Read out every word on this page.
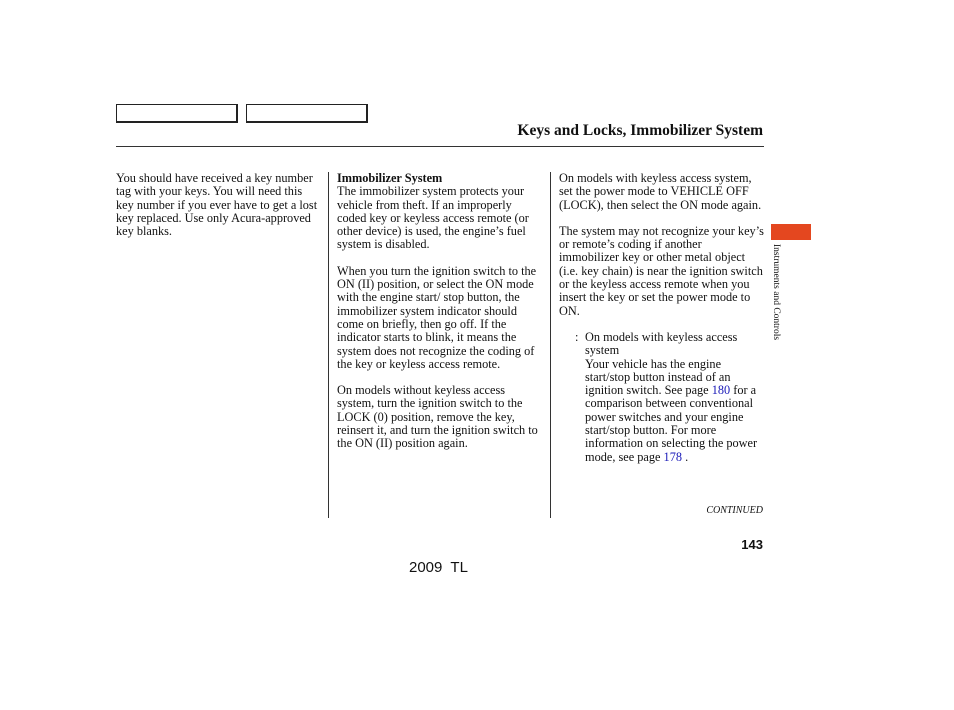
Keys and Locks, Immobilizer System

You should have received a key number tag with your keys. You will need this key number if you ever have to get a lost key replaced. Use only Acura-approved key blanks.

Immobilizer System

The immobilizer system protects your vehicle from theft. If an improperly coded key or keyless access remote (or other device) is used, the engine’s fuel system is disabled.

When you turn the ignition switch to the ON (II) position, or select the ON mode with the engine start/ stop button, the immobilizer system indicator should come on briefly, then go off. If the indicator starts to blink, it means the system does not recognize the coding of the key or keyless access remote.

On models without keyless access system, turn the ignition switch to the LOCK (0) position, remove the key, reinsert it, and turn the ignition switch to the ON (II) position again.

On models with keyless access system, set the power mode to VEHICLE OFF (LOCK), then select the ON mode again.

The system may not recognize your key’s or remote’s coding if another immobilizer key or other metal object (i.e. key chain) is near the ignition switch or the keyless access remote when you insert the key or set the power mode to ON.

: On models with keyless access system

Your vehicle has the engine start/stop button instead of an ignition switch. See page 180 for a comparison between conventional power switches and your engine start/stop button. For more information on selecting the power mode, see page 178 .

Instruments and Controls
CONTINUED
143
2009  TL
